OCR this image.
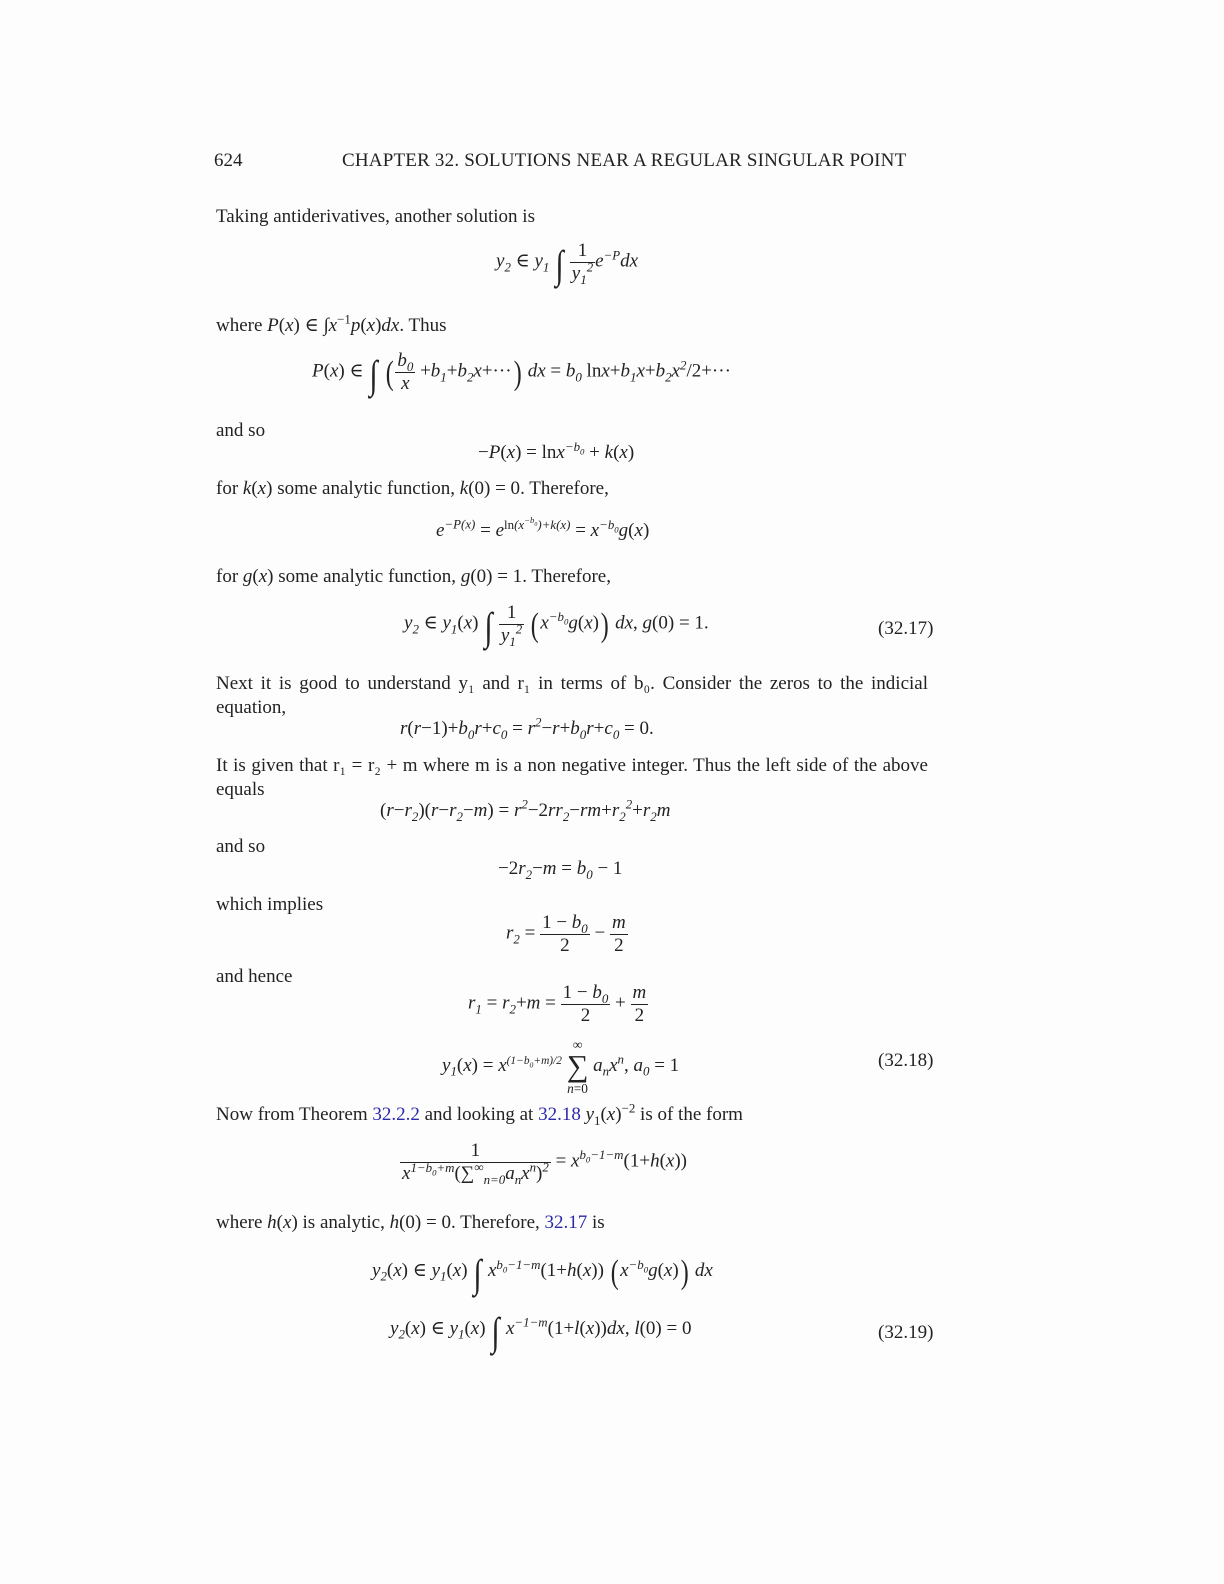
624	CHAPTER 32. SOLUTIONS NEAR A REGULAR SINGULAR POINT
Taking antiderivatives, another solution is
$y_2$ ∈ $y_1$ ∫ $\frac{1}{y_1^2} e^{-P}dx$
where P(x) ∈ $\int x^{-1}p(x)dx$. Thus
P(x) ∈ ∫ ( $\frac{b_0}{x} +b_1+b_2x+\cdot\cdot\cdot$) dx = $b_0$ $\ln x+b_1x+b_2x^2/2+\cdot\cdot\cdot$
and so
−P(x) = lnx$^{-b_0}$ + k(x)
for k(x) some analytic function, k(0) = 0. Therefore,
$e^{-P(x)} = e^{ln(x^{-b_0})+k(x)} = x^{-b_0}g(x)$
for g(x) some analytic function, g(0) = 1. Therefore,
$y_2$ ∈ $y_1(x)$ ∫ $\frac{1}{y_1^2} (x^{-b_0}g(x))$ dx, g(0) = 1.	(32.17)
Next it is good to understand y₁ and r₁ in terms of b₀. Consider the zeros to the indicial equation,
$r(r-1)+b_0r+c_0 = r^2-r+b_0r+c_0 = 0$.
It is given that r₁ = r₂ + m where m is a non negative integer. Thus the left side of the above equals
$(r-r_2)(r-r_2-m) = r^2-2rr_2-rm+r_2^2+r_2m$
and so
$-2r_2-m = b_0 - 1$
which implies
$r_2 = \frac{1 - b_0}{2} - \frac{m}{2}$
and hence
$r_1 = r_2+m = \frac{1 - b_0}{2} + \frac{m}{2}$
$y_1(x) = x^{(1-b_0+m)/2}$
∞
∑
n=0
$a_nx^n$, $a_0 = 1$	(32.18)
Now from Theorem 32.2.2 and looking at 32.18 $y_1(x)^{-2}$ is of the form
$\frac{1}{x^{1-b_0+m}(\sum^\infty_{n=0}a_nx^n)^2} = x^{b_0-1-m}(1+h(x))$
where h(x) is analytic, h(0) = 0. Therefore, 32.17 is
$y_2(x)$ ∈ $y_1(x)$ ∫ $x^{b_0-1-m}(1+h(x))$ $(x^{-b_0}g(x))$ dx
$y_2(x)$ ∈ $y_1(x)$ ∫ $x^{-1-m}(1+l(x))dx$, l(0) = 0	(32.19)
